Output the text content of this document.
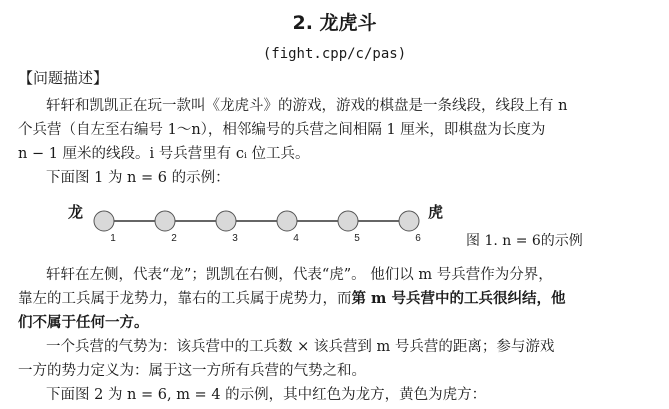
2. 龙虎斗
(fight.cpp/c/pas)
【问题描述】
轩轩和凯凯正在玩一款叫《龙虎斗》的游戏，游戏的棋盘是一条线段，线段上有 n
个兵营（自左至右编号 1～n），相邻编号的兵营之间相隔 1 厘米，即棋盘为长度为
n − 1 厘米的线段。i 号兵营里有 cᵢ 位工兵。
下面图 1 为 n = 6 的示例：
龙	虎
1	2	3	4	5	6	图 1. n = 6的示例
轩轩在左侧，代表“龙”；凯凯在右侧，代表“虎”。 他们以 m 号兵营作为分界，
靠左的工兵属于龙势力，靠右的工兵属于虎势力，而第 m 号兵营中的工兵很纠结，他
们不属于任何一方。
一个兵营的气势为：该兵营中的工兵数 × 该兵营到 m 号兵营的距离；参与游戏
一方的势力定义为：属于这一方所有兵营的气势之和。
下面图 2 为 n = 6, m = 4 的示例，其中红色为龙方，黄色为虎方：
